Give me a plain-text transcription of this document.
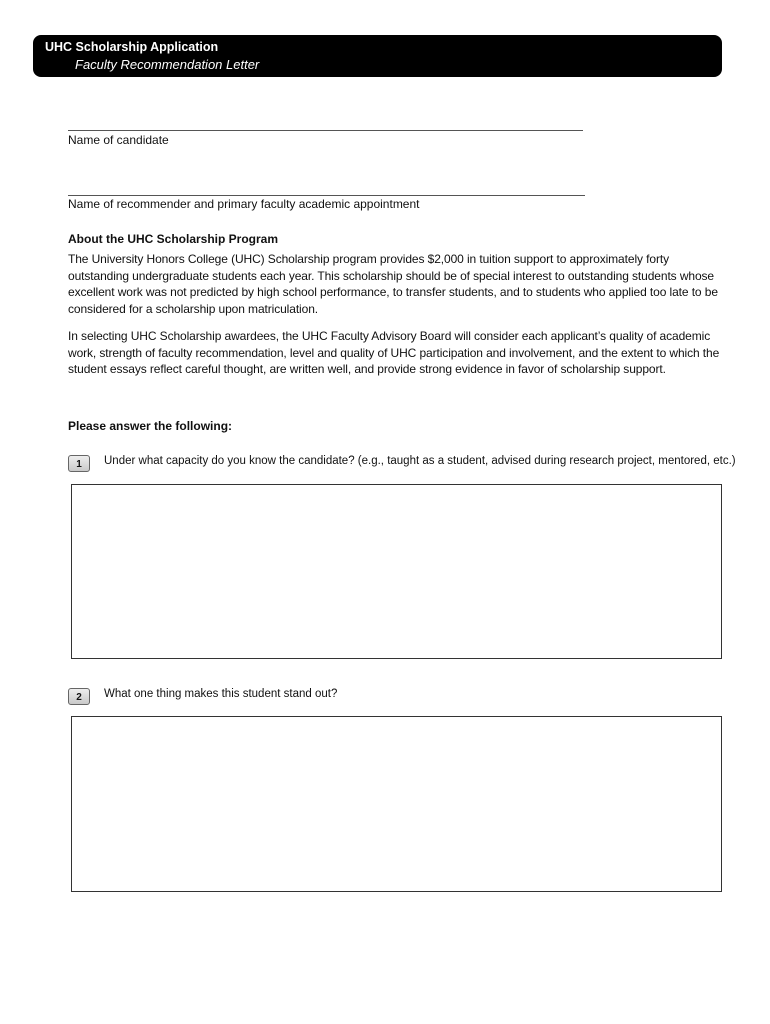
UHC Scholarship Application
Faculty Recommendation Letter
Name of candidate
Name of recommender and primary faculty academic appointment
About the UHC Scholarship Program

The University Honors College (UHC) Scholarship program provides $2,000 in tuition support to approximately forty outstanding undergraduate students each year. This scholarship should be of special interest to outstanding students whose excellent work was not predicted by high school performance, to transfer students, and to students who applied too late to be considered for a scholarship upon matriculation.

In selecting UHC Scholarship awardees, the UHC Faculty Advisory Board will consider each applicant’s quality of academic work, strength of faculty recommendation, level and quality of UHC participation and involvement, and the extent to which the student essays reflect careful thought, are written well, and provide strong evidence in favor of scholarship support.

Please answer the following:
1	Under what capacity do you know the candidate? (e.g., taught as a student, advised during research project, mentored, etc.)
2	What one thing makes this student stand out?
